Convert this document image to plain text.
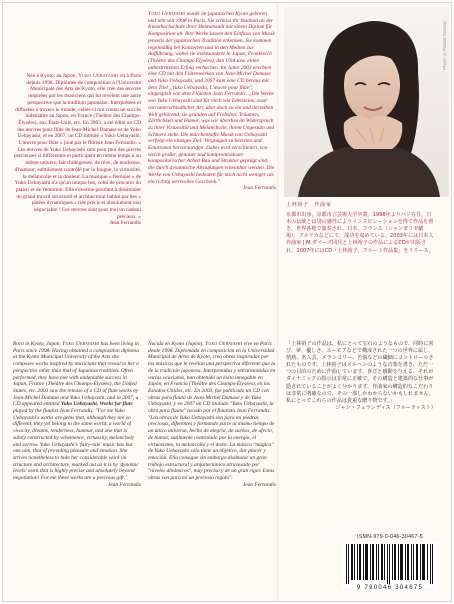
Née à Kyoto, au Japon, Yuko Uebayashi vit à Paris depuis 1998. Diplômée de composition à l'Université Municipale des Arts de Kyoto, elle crée des œuvres inspirées par les musiciens qui lui révèlent une autre perspective que la tradition japonaise. Interprétées et diffusées à travers le monde, celles-ci ont connu un succès indéniable au Japon, en France (Théâtre des Champs-Élysées), aux États-Unis, etc. En 2003, a été édité un CD des œuvres pour flûte de Jean-Michel Damase et de Yuko Uebayashi, et en 2007, un CD intitulé « Yuko Uebayashi, L'œuvre pour flûte » joué par le flûtiste Jean Ferrandis. « Les œuvres de Yuko Uebayashi sont pour moi des pierres précieuses si différentes et participent en même temps à un même univers, fait d'allégresse, de rêve, de tendresse, d'humour, subtilement contrôlé par la fougue, la virtuosité, la mélancolie et la douleur. La musique « féerique » de Yuko Uebayashi n'a qu'un unique but, celui de procurer du plaisir et de l'émotion. Elle s'évertue pourtant à dissimuler un grand travail structurel et architectural habité par des « pâtées dynamiques » très précis et absolument non négociable ! Ces œuvres sont pour moi un cadeau précieux. »

Jean Ferrandis

Born in Kyoto, Japan, Yuko Uebayashi has been living in Paris since 1998. Having obtained a composition diploma at the Kyoto Municipal University of the Arts she composes works inspired by musicians that reveal to her a perspective other than that of Japanese tradition. Often performed, they have met with undeniable success in Japan, France (Théâtre des Champs-Élysées), the United States, etc. 2003 saw the release of a CD of flute works by Jean-Michel Damase and Yuko Uebayashi, and in 2007, a CD appeared entitled Yuko Uebayashi, Works for flute played by the flautist Jean Ferrandis. "For me Yuko Uebayashi's works are gems that, although they are so different, they yet belong to the same world, a world of vivacity, dreams, tenderness, humour, and one that is subtly constructed by vehemence, virtuosity, melancholy and sorrow. Yuko Uebayashi's 'fairy-tale' music has but one aim, that of providing pleasure and emotion. She strives nonetheless to hide her considerable work on structure and architecture, marked out as it is by 'dynamic levels' work that is highly precise and absolutely beyond negotiation! For me these works are a precious gift."

Jean Ferrandis

Yuko Uebayashi wurde im japanischen Kyoto geboren und lebt seit 1998 in Paris. Sie schloss ihr Studium an der Kunsthochschule ihrer Heimatstadt mit einem Diplom für Komposition ab. Ihre Werke lassen den Einfluss von Musik jenseits der japanischen Tradition erkennen. Sie kommen regelmäßig bei Konzerten und in den Medien zur Aufführung, wobei sie insbesondere in Japan, Frankreich (Théâtre des Champs-Élysées), den USA usw. einen unbestrittenen Erfolg verbuchen. Im Jahre 2003 erschien eine CD mit den Flötenwerken von Jean-Michel Damase und Yuko Uebayashi, und 2007 kam eine CD heraus mit dem Titel „Yuko Uebayashi, L'œuvre pour flûte", eingespielt von dem Flötisten Jean Ferrandis. „Die Werke von Yuko Uebayashi sind für mich wie Edelsteine, zwar von unterschiedlicher Art, aber doch zu ein und derselben Welt gehörend, sie gründen auf Frohsinn, Träumen, Zärtlichkeit und Humor, was wir überdies im Widerspruch zu ihrer Virtuosität und Melancholie, ihrem Ungestüm und Schmerz steht. Die märchenhafte Musik von Uebayashi verfolgt ein einziges Ziel: Vergnügen zu bereiten und Emotionen hervorzurufen. Dabei wird verschleiert, von welch großer, genauer und kompromissloser kompositorischer Arbeit Bau und Struktur geprägt sind, die durch dynamische Abstufungen erkennbar werden. Die Werke von Uebayashi bedeuten für mich nicht weniger als ein richtig wertvolles Geschenk."

Jean Ferrandis

Nacida en Kyoto (Japón), Yuko Uebayashi vive en París desde 1998. Diplomada en composición en la Universidad Municipal de Artes de Kyoto, crea obras inspiradas por los músicos que le revelan una perspectiva diferente que la de la tradición japonesa. Interpretadas y retransmitidas en varias ocasiones, han obtenido un éxito innegable en Japón, en Francia (Théâtre des Champs-Élysées), en los Estados-Unidos, etc. En 2003, fue publicado un CD con obras para flauta de Jean-Michel Damase y de Yuko Uebayashi, y en 2007 un CD titulado "Yuko Uebayashi, la obra para flauta" tocado por el flautista Jean Ferrandis. "Las obras de Yuko Uebayashi son para mí piedras preciosas, diferentes y formando parte al mismo tiempo de un único universo, hecho de alegría, de sueños, de afecto, de humor, sutilmente controlado por la energía, el virtuosismo, la melancolía y el dolor. La música "mágica" de Yuko Uebayashi sólo tiene un objetivo, dar placer y emoción. Ella consigue sin embargo disimular un gran trabajo estructural y arquitectónico atravesado por "niveles dinámicos", muy preciso y de un gran rigor. Estas obras son para mí un precioso regalo".

Jean Ferrandis

Photo © Pascal Gazeau

上林裕子　作曲家

京都市出身。京都市立芸術大学卒業。1998年よりパリ在住。日本の伝統とは別の感性によりインスピレーションを得て作品を書き、世界各地で演奏され、日本、フランス（シャンゼリゼ劇場）、アメリカなどにて、成功を収めている。2003年には日本人作曲家 J.M.ダマーズ同氏と上林裕子の作品によるCDが出版され、2007年にはCD「上林裕子、フルート作品集」をリリース。

「上林裕子の作品は、私にとって宝石のようなもので、同時に喜び、夢、優しさ、ユーモアなどで構成された一つの世界に属し、情熱、名人芸、メランコリー、苦悩などの繊細にコントロールされたものです。上林裕子はメルヘンのような音楽を書き、ただ一つの目的のために作曲しています。喜びと感動を与える、それがダイナミックの指示は非常に正確で、その構造と建築的な仕事が隠されていることがよく分かります。作曲家の構造的なこだわりは非常に明確なので、その一部しかわからないかもしれません。私にとってこれらの作品は貴重な贈り物です。」

ジャン・フェランディス（フルーティスト）

ISMN-979-0-046-30467-5
9 790046 304675
